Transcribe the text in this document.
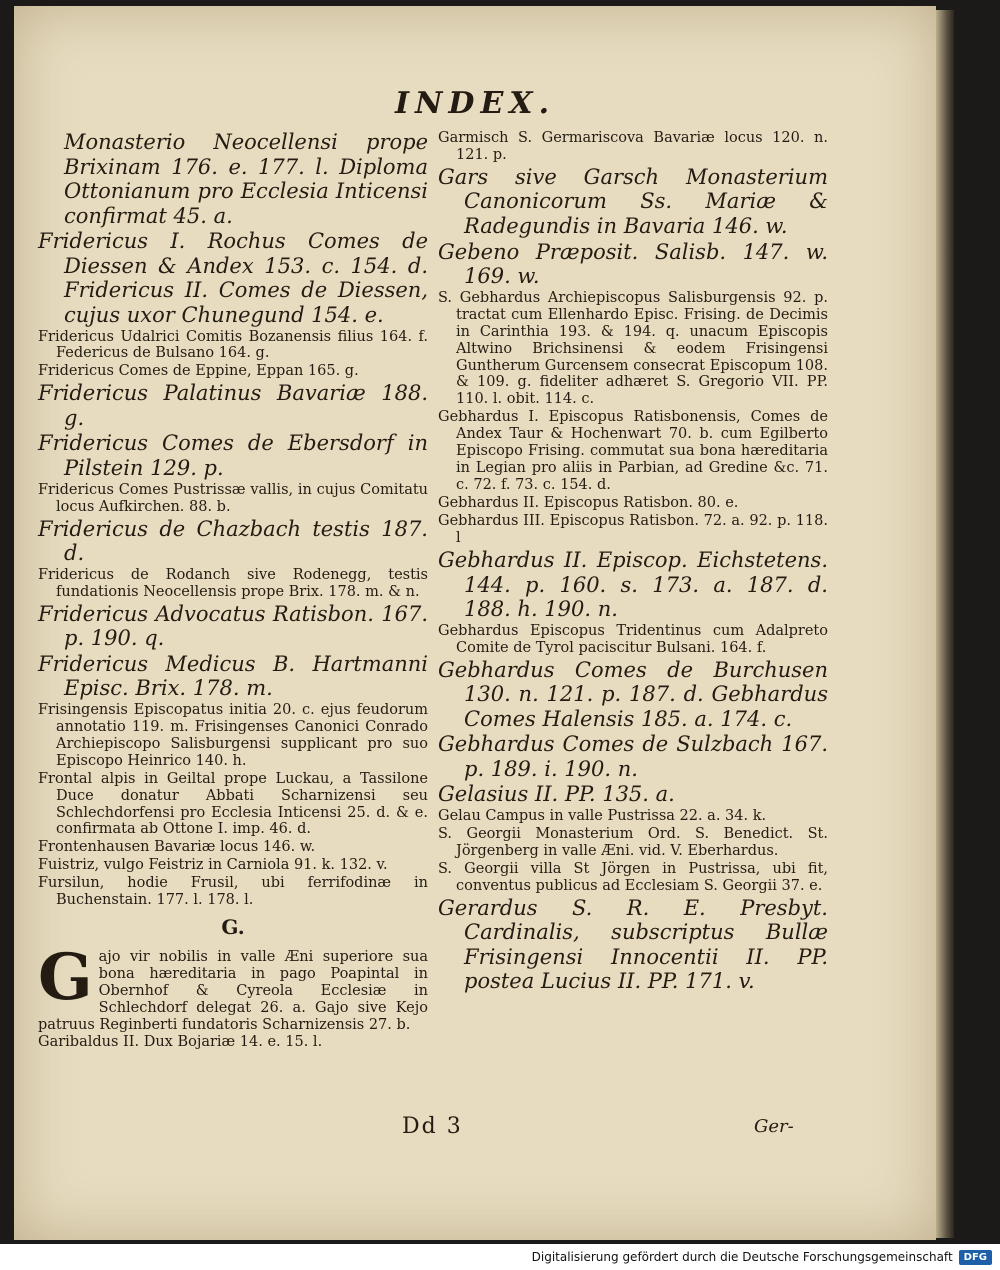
INDEX.
Monasterio Neocellensi prope Brixinam 176. e. 177. l. Diploma Ottonianum pro Ecclesia Inticensi confirmat 45. a.
Fridericus I. Rochus Comes de Diessen & Andex 153. c. 154. d. Fridericus II. Comes de Diessen, cujus uxor Chunegund 154. e.
Fridericus Udalrici Comitis Bozanensis filius 164. f. Federicus de Bulsano 164. g.
Fridericus Comes de Eppine, Eppan 165. g.
Fridericus Palatinus Bavariæ 188. g.
Fridericus Comes de Ebersdorf in Pilstein 129. p.
Fridericus Comes Pustrissæ vallis, in cujus Comitatu locus Aufkirchen. 88. b.
Fridericus de Chazbach testis 187. d.
Fridericus de Rodanch sive Rodenegg, testis fundationis Neocellensis prope Brix. 178. m. & n.
Fridericus Advocatus Ratisbon. 167. p. 190. q.
Fridericus Medicus B. Hartmanni Episc. Brix. 178. m.
Frisingensis Episcopatus initia 20. c. ejus feudorum annotatio 119. m. Frisingenses Canonici Conrado Archiepiscopo Salisburgensi supplicant pro suo Episcopo Heinrico 140. h.
Frontal alpis in Geiltal prope Luckau, a Tassilone Duce donatur Abbati Scharnizensi seu Schlechdorfensi pro Ecclesia Inticensi 25. d. & e. confirmata ab Ottone I. imp. 46. d.
Frontenhausen Bavariæ locus 146. w.
Fuistriz, vulgo Feistriz in Carniola 91. k. 132. v.
Fursilun, hodie Frusil, ubi ferrifodinæ in Buchenstain. 177. l. 178. l.
G.
Gajo vir nobilis in valle Æni superiore sua bona hæreditaria in pago Poapintal in Obernhof & Cyreola Ecclesiæ in Schlechdorf delegat 26. a. Gajo sive Kejo patruus Reginberti fundatoris Scharnizensis 27. b.
Garibaldus II. Dux Bojariæ 14. e. 15. l.
Garmisch S. Germariscova Bavariæ locus 120. n. 121. p.
Gars sive Garsch Monasterium Canonicorum Ss. Mariæ & Radegundis in Bavaria 146. w.
Gebeno Præposit. Salisb. 147. w. 169. w.
S. Gebhardus Archiepiscopus Salisburgensis 92. p. tractat cum Ellenhardo Episc. Frising. de Decimis in Carinthia 193. & 194. q. unacum Episcopis Altwino Brichsinensi & eodem Frisingensi Guntherum Gurcensem consecrat Episcopum 108. & 109. g. fideliter adhæret S. Gregorio VII. PP. 110. l. obit. 114. c.
Gebhardus I. Episcopus Ratisbonensis, Comes de Andex Taur & Hochenwart 70. b. cum Egilberto Episcopo Frising. commutat sua bona hæreditaria in Legian pro aliis in Parbian, ad Gredine &c. 71. c. 72. f. 73. c. 154. d.
Gebhardus II. Episcopus Ratisbon. 80. e.
Gebhardus III. Episcopus Ratisbon. 72. a. 92. p. 118. l
Gebhardus II. Episcop. Eichstetens. 144. p. 160. s. 173. a. 187. d. 188. h. 190. n.
Gebhardus Episcopus Tridentinus cum Adalpreto Comite de Tyrol paciscitur Bulsani. 164. f.
Gebhardus Comes de Burchusen 130. n. 121. p. 187. d. Gebhardus Comes Halensis 185. a. 174. c.
Gebhardus Comes de Sulzbach 167. p. 189. i. 190. n.
Gelasius II. PP. 135. a.
Gelau Campus in valle Pustrissa 22. a. 34. k.
S. Georgii Monasterium Ord. S. Benedict. St. Jörgenberg in valle Æni. vid. V. Eberhardus.
S. Georgii villa St Jörgen in Pustrissa, ubi fit, conventus publicus ad Ecclesiam S. Georgii 37. e.
Gerardus S. R. E. Presbyt. Cardinalis, subscriptus Bullæ Frisingensi Innocentii II. PP. postea Lucius II. PP. 171. v.
Dd 3	Ger-
Digitalisierung gefördert durch die Deutsche Forschungsgemeinschaft	DFG
